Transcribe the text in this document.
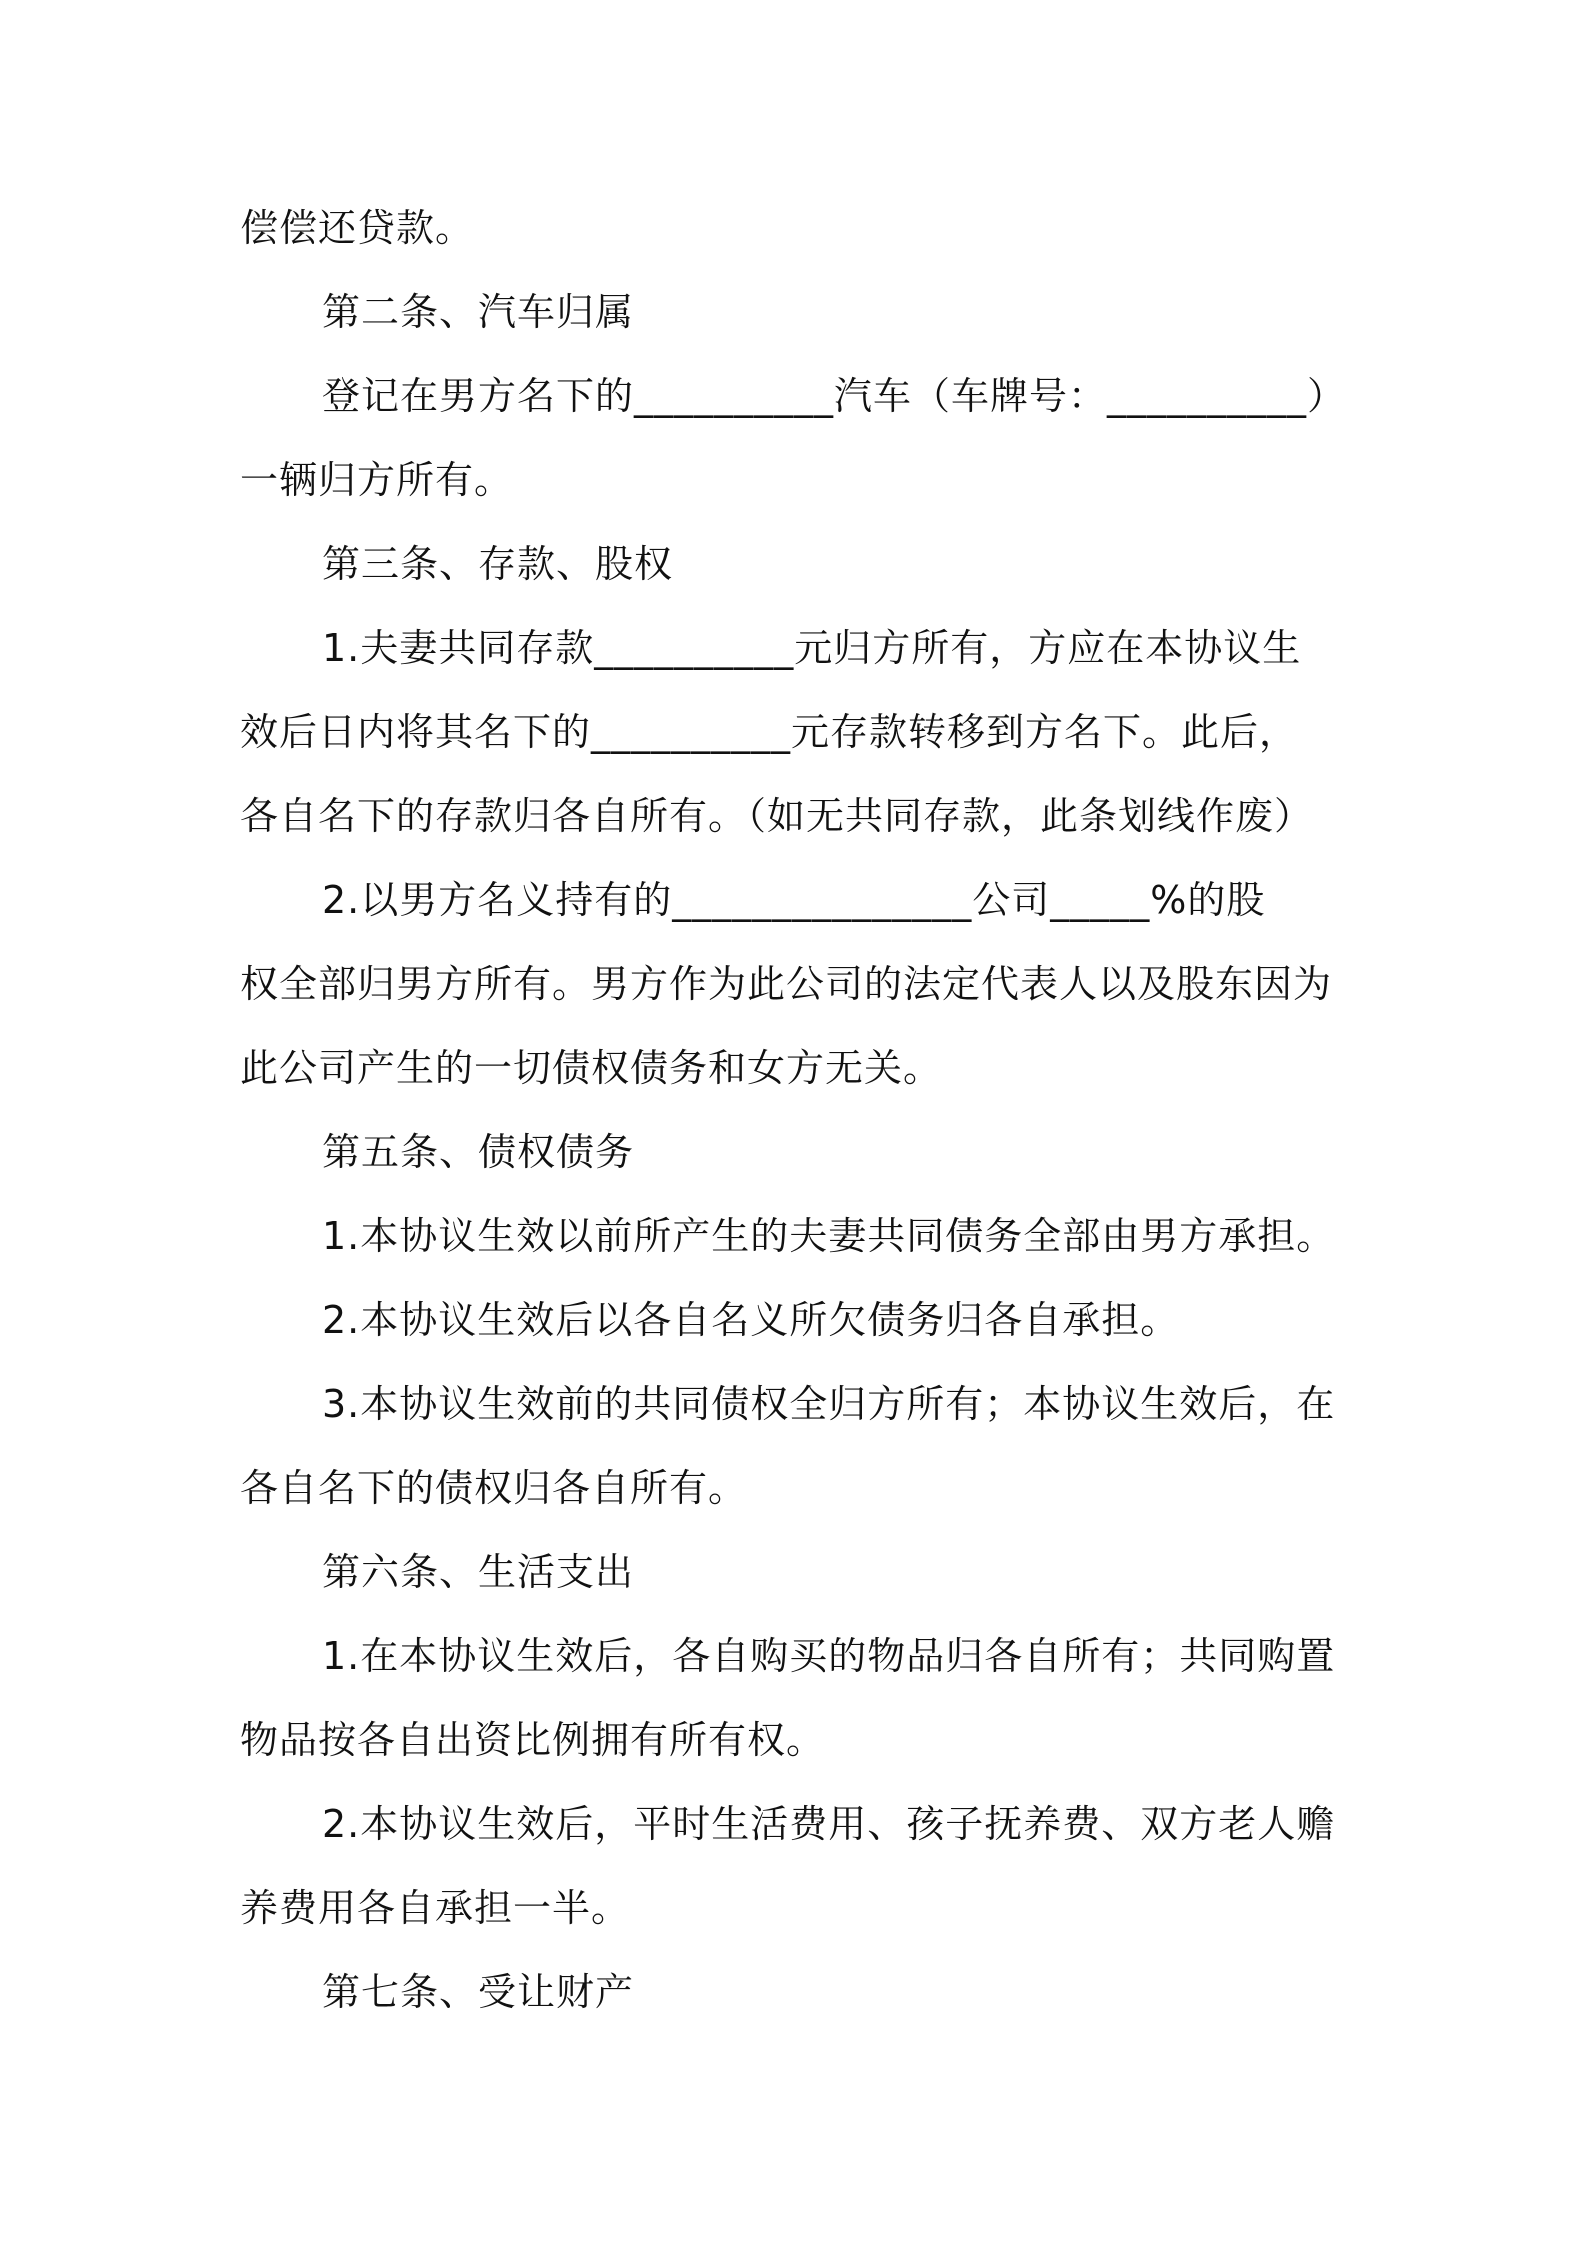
偿偿还贷款。
第二条、汽车归属
登记在男方名下的__________汽车（车牌号：__________）
一辆归方所有。
第三条、存款、股权
1.夫妻共同存款__________元归方所有，方应在本协议生
效后日内将其名下的__________元存款转移到方名下。此后，
各自名下的存款归各自所有。（如无共同存款，此条划线作废）
2.以男方名义持有的_______________公司_____%的股
权全部归男方所有。男方作为此公司的法定代表人以及股东因为
此公司产生的一切债权债务和女方无关。
第五条、债权债务
1.本协议生效以前所产生的夫妻共同债务全部由男方承担。
2.本协议生效后以各自名义所欠债务归各自承担。
3.本协议生效前的共同债权全归方所有；本协议生效后，在
各自名下的债权归各自所有。
第六条、生活支出
1.在本协议生效后，各自购买的物品归各自所有；共同购置
物品按各自出资比例拥有所有权。
2.本协议生效后，平时生活费用、孩子抚养费、双方老人赡
养费用各自承担一半。
第七条、受让财产
